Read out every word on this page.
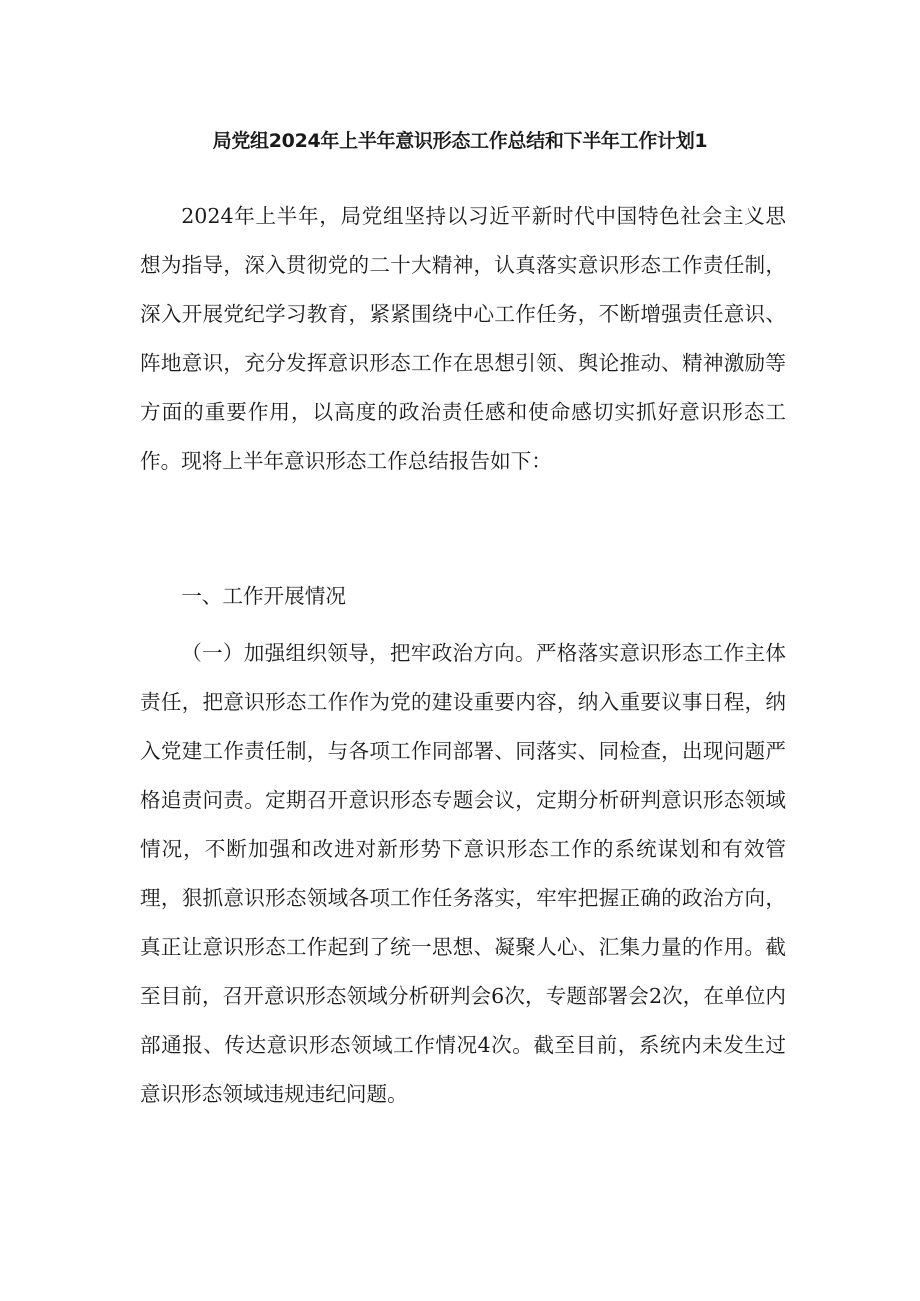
局党组2024年上半年意识形态工作总结和下半年工作计划1

2024年上半年，局党组坚持以习近平新时代中国特色社会主义思想为指导，深入贯彻党的二十大精神，认真落实意识形态工作责任制，深入开展党纪学习教育，紧紧围绕中心工作任务，不断增强责任意识、阵地意识，充分发挥意识形态工作在思想引领、舆论推动、精神激励等方面的重要作用，以高度的政治责任感和使命感切实抓好意识形态工作。现将上半年意识形态工作总结报告如下：

一、工作开展情况

（一）加强组织领导，把牢政治方向。严格落实意识形态工作主体责任，把意识形态工作作为党的建设重要内容，纳入重要议事日程，纳入党建工作责任制，与各项工作同部署、同落实、同检查，出现问题严格追责问责。定期召开意识形态专题会议，定期分析研判意识形态领域情况，不断加强和改进对新形势下意识形态工作的系统谋划和有效管理，狠抓意识形态领域各项工作任务落实，牢牢把握正确的政治方向，真正让意识形态工作起到了统一思想、凝聚人心、汇集力量的作用。截至目前，召开意识形态领域分析研判会6次，专题部署会2次，在单位内部通报、传达意识形态领域工作情况4次。截至目前，系统内未发生过意识形态领域违规违纪问题。
